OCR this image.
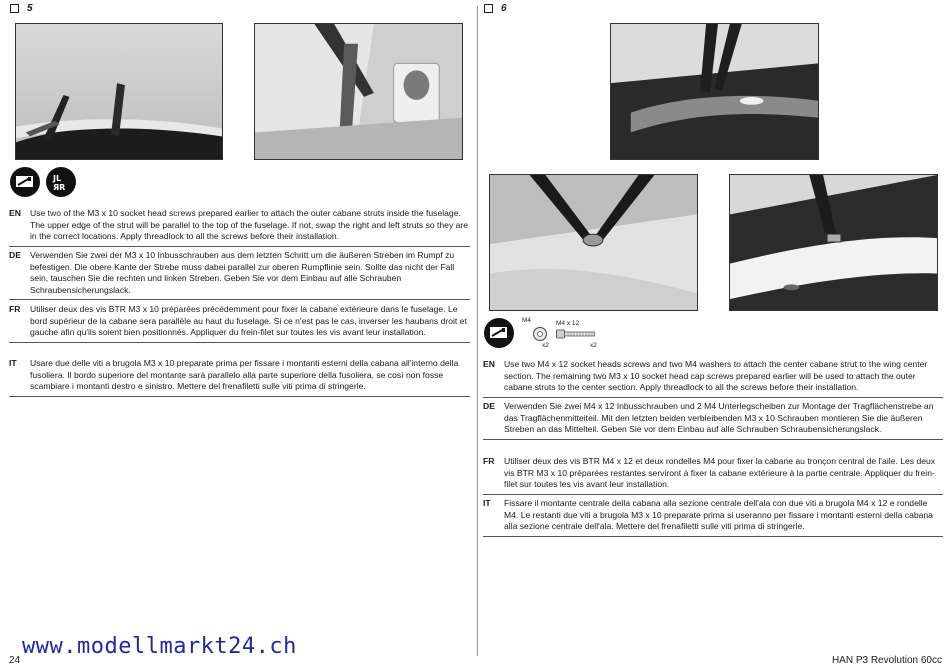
5
JL
ЯR
EN	Use two of the M3 x 10 socket head screws prepared earlier to attach the outer cabane struts inside the fuselage. The upper edge of the strut will be parallel to the top of the fuselage. If not, swap the right and left struts so they are in the correct locations. Apply threadlock to all the screws before their installation.
DE	Verwenden Sie zwei der M3 x 10 Inbusschrauben aus dem letzten Schritt um die äußeren Streben im Rumpf zu befestigen. Die obere Kante der Strebe muss dabei parallel zur oberen Rumpflinie sein. Sollte das nicht der Fall sein, tauschen Sie die rechten und linken Streben. Geben Sie vor dem Einbau auf alle Schrauben Schraubensicherungslack.
FR	Utiliser deux des vis BTR M3 x 10 préparées précédemment pour fixer la cabane extérieure dans le fuselage. Le bord supérieur de la cabane sera parallèle au haut du fuselage. Si ce n'est pas le cas, inverser les haubans droit et gauche afin qu'ils soient bien positionnés. Appliquer du frein-filet sur toutes les vis avant leur installation.
IT	Usare due delle viti a brugola M3 x 10 preparate prima per fissare i montanti esterni della cabana all'interno della fusoliera. Il bordo superiore del montante sarà parallelo alla parte superiore della fusoliera, se così non fosse scambiare i montanti destro e sinistro. Mettere del frenafiletti sulle viti prima di stringerle.
6
M4
x2
M4 x 12
x2
EN	Use two M4 x 12 socket heads screws and two M4 washers to attach the center cabane strut to the wing center section. The remaining two M3 x 10 socket head cap screws prepared earlier will be used to attach the outer cabane struts to the center section. Apply threadlock to all the screws before their installation.
DE	Verwenden Sie zwei M4 x 12 Inbusschrauben und 2 M4 Unterlegscheiben zur Montage der Tragflächenstrebe an das Tragflächenmitteiteil. Mit den letzten beiden verbleibenden M3 x 10 Schrauben montieren Sie die äußeren Streben an das Mittelteil. Geben Sie vor dem Einbau auf alle Schrauben Schraubensicherungslack.
FR	Utiliser deux des vis BTR M4 x 12 et deux rondelles M4 pour fixer la cabane au tronçon central de l'aile. Les deux vis BTR M3 x 10 préparées restantes serviront à fixer la cabane extérieure à la partie centrale. Appliquer du frein-filet sur toutes les vis avant leur installation.
IT	Fissare il montante centrale della cabana alla sezione centrale dell'ala con due viti a brugola M4 x 12 e rondelle M4. Le restanti due viti a brugola M3 x 10 preparate prima si useranno per fissare i montanti esterni della cabana alla sezione centrale dell'ala. Mettere del frenafiletti sulle viti prima di stringerle.
www.modellmarkt24.ch
24	HAN P3 Revolution 60cc
